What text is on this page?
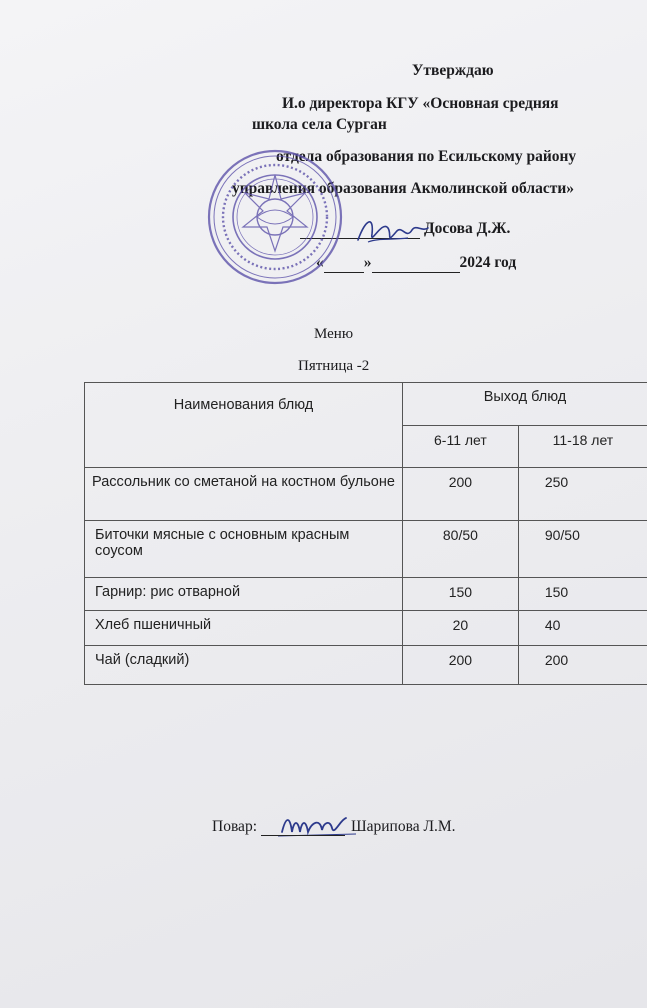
Утверждаю
И.о директора КГУ «Основная средняя
школа села Сурган
отдела образования по Есильскому району
управления образования Акмолинской области»
Досова Д.Ж.
«	»	2024 год
Меню
Пятница -2
Наименования блюд	Выход блюд	
	6-11 лет	11-18 лет
Рассольник со сметаной на костном бульоне	200	250
Биточки мясные с основным красным соусом	80/50	90/50
Гарнир: рис отварной	150	150
Хлеб пшеничный	20	40
Чай (сладкий)	200	200
Повар:	Шарипова Л.М.
